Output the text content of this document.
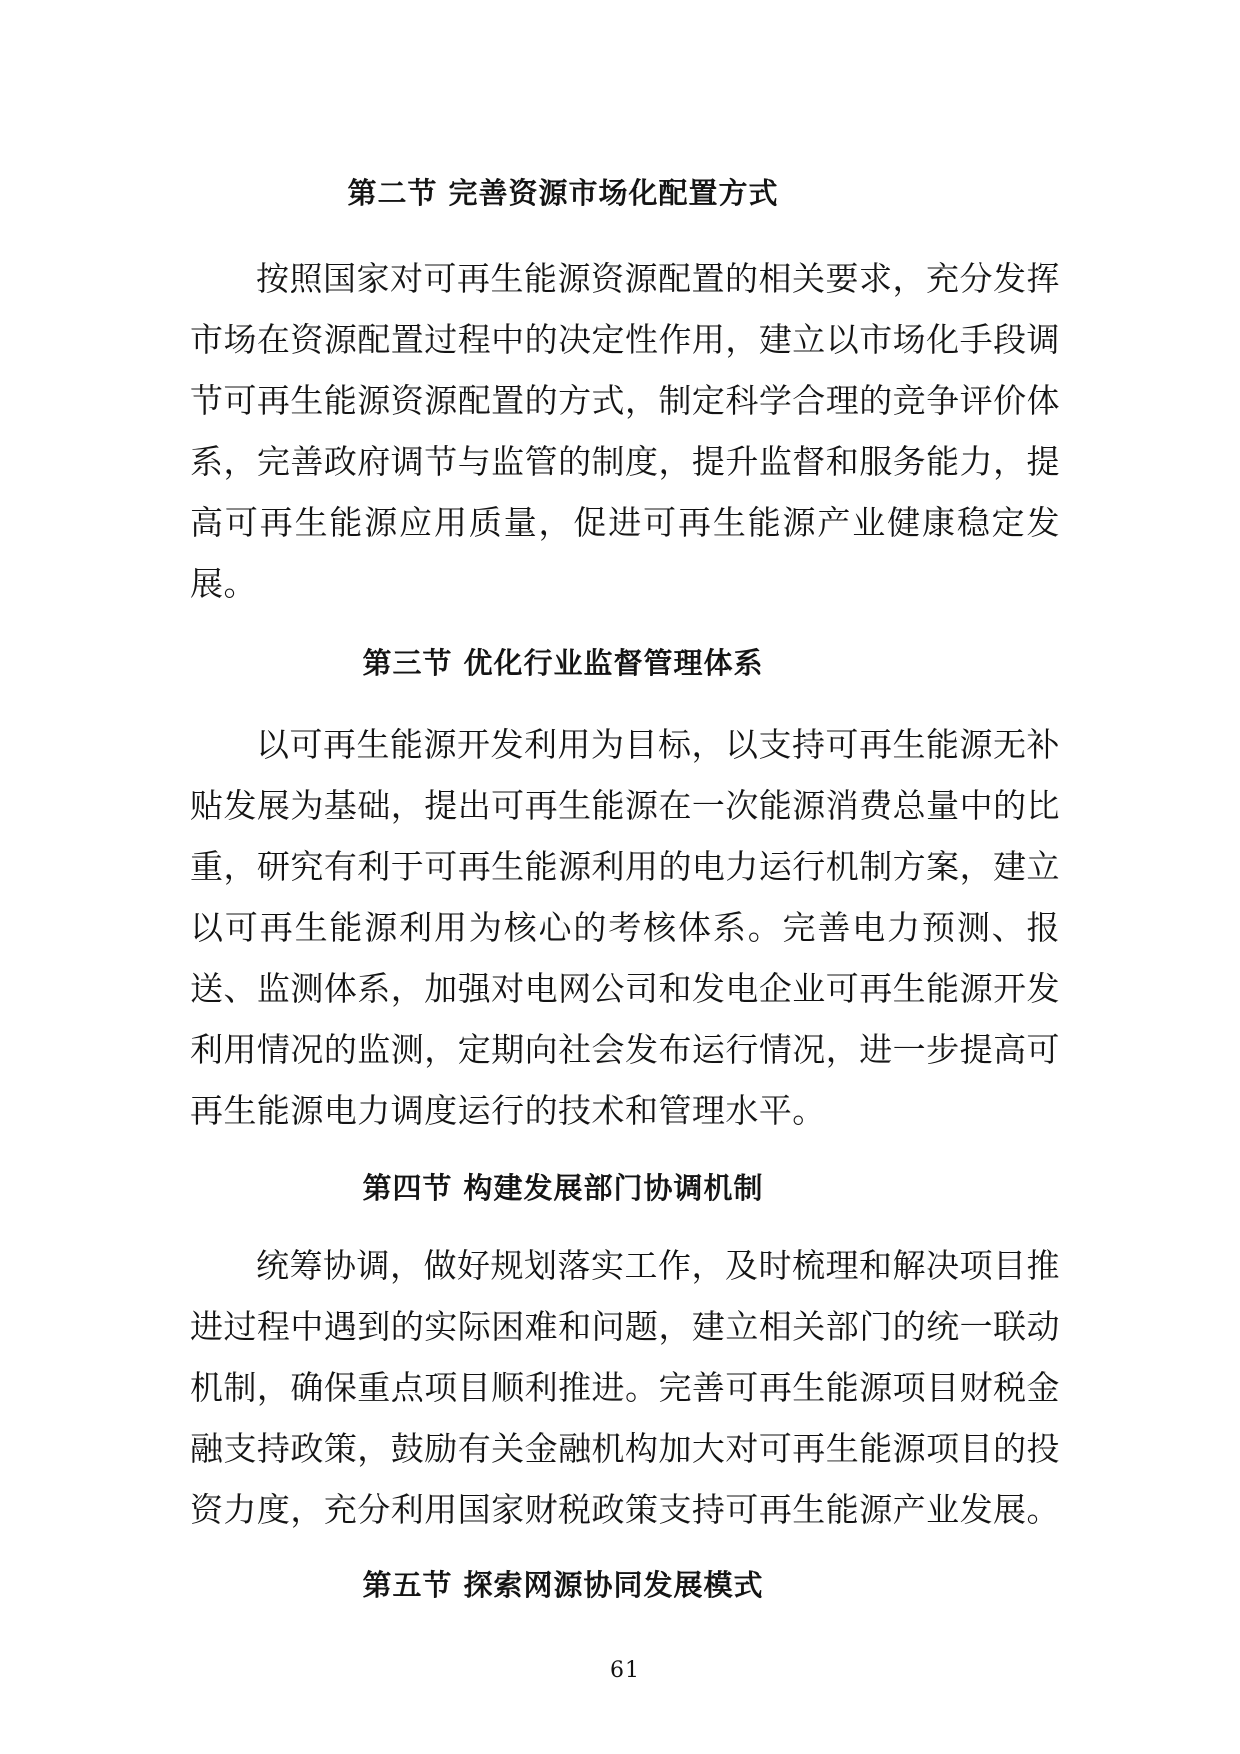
第二节 完善资源市场化配置方式

按照国家对可再生能源资源配置的相关要求，充分发挥市场在资源配置过程中的决定性作用，建立以市场化手段调节可再生能源资源配置的方式，制定科学合理的竞争评价体系，完善政府调节与监管的制度，提升监督和服务能力，提高可再生能源应用质量，促进可再生能源产业健康稳定发展。

第三节 优化行业监督管理体系

以可再生能源开发利用为目标，以支持可再生能源无补贴发展为基础，提出可再生能源在一次能源消费总量中的比重，研究有利于可再生能源利用的电力运行机制方案，建立以可再生能源利用为核心的考核体系。完善电力预测、报送、监测体系，加强对电网公司和发电企业可再生能源开发利用情况的监测，定期向社会发布运行情况，进一步提高可再生能源电力调度运行的技术和管理水平。

第四节 构建发展部门协调机制

统筹协调，做好规划落实工作，及时梳理和解决项目推进过程中遇到的实际困难和问题，建立相关部门的统一联动机制，确保重点项目顺利推进。完善可再生能源项目财税金融支持政策，鼓励有关金融机构加大对可再生能源项目的投资力度，充分利用国家财税政策支持可再生能源产业发展。

第五节 探索网源协同发展模式
61
